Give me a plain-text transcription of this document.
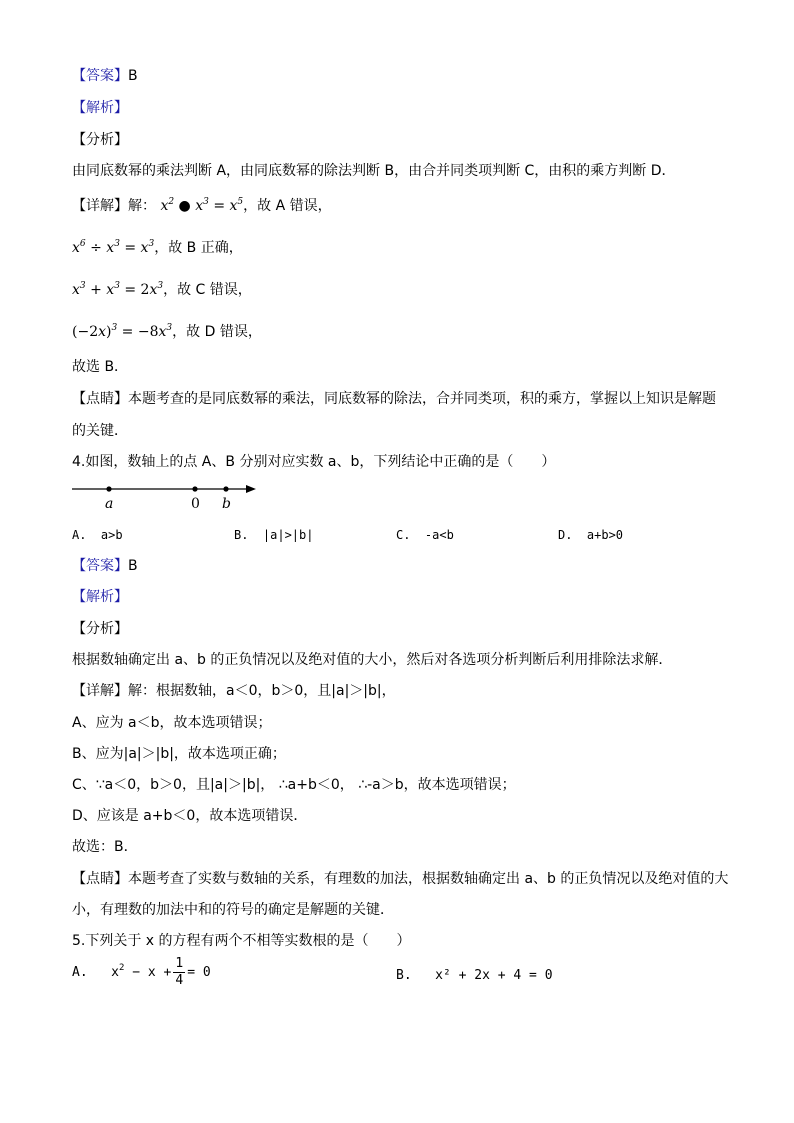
【答案】B
【解析】
【分析】
由同底数幂的乘法判断 A，由同底数幂的除法判断 B，由合并同类项判断 C，由积的乘方判断 D．
【详解】解： $x^2$ ● $x^3 = x^5$，故 A 错误，
$x^6 \div x^3 = x^3$，故 B 正确，
$x^3 + x^3 = 2x^3$，故 C 错误，
$(-2x)^3 = -8x^3$，故 D 错误，
故选 B．
【点睛】本题考查的是同底数幂的乘法，同底数幂的除法，合并同类项，积的乘方，掌握以上知识是解题
的关键．
4.如图，数轴上的点 A、B 分别对应实数 a、b，下列结论中正确的是（　　）
a	0 b
A. a>b	B. |a|>|b|	C. -a<b	D. a+b>0
【答案】B
【解析】
【分析】
根据数轴确定出 a、b 的正负情况以及绝对值的大小，然后对各选项分析判断后利用排除法求解．
【详解】解：根据数轴，a＜0，b＞0，且|a|＞|b|，
A、应为 a＜b，故本选项错误；
B、应为|a|＞|b|，故本选项正确；
C、∵a＜0，b＞0，且|a|＞|b|， ∴a+b＜0， ∴-a＞b，故本选项错误；
D、应该是 a+b＜0，故本选项错误．
故选：B．
【点睛】本题考查了实数与数轴的关系，有理数的加法，根据数轴确定出 a、b 的正负情况以及绝对值的大
小，有理数的加法中和的符号的确定是解题的关键．
5.下列关于 x 的方程有两个不相等实数根的是（　　）
A. $x^2 - x + \frac{1}{4} = 0$	B. x² + 2x + 4 = 0
